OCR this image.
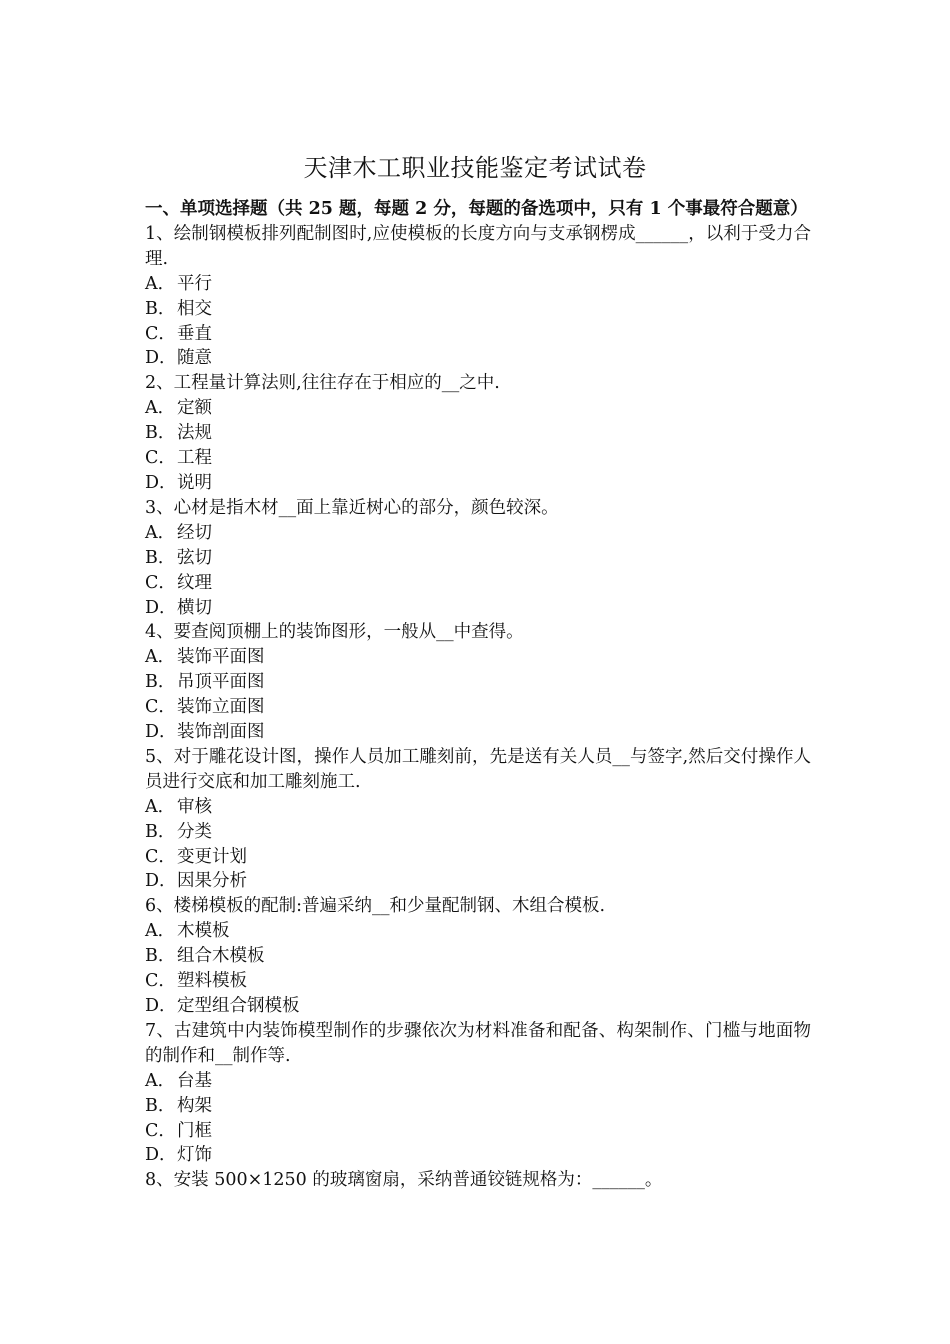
天津木工职业技能鉴定考试试卷
一、单项选择题（共 25 题，每题 2 分，每题的备选项中，只有 1 个事最符合题意）
1、绘制钢模板排列配制图时,应使模板的长度方向与支承钢楞成______，以利于受力合理.
A． 平行
B．相交
C．垂直
D．随意
2、工程量计算法则,往往存在于相应的__之中.
A． 定额
B．法规
C．工程
D．说明
3、心材是指木材__面上靠近树心的部分，颜色较深。
A． 经切
B．弦切
C．纹理
D．横切
4、要查阅顶棚上的装饰图形，一般从__中查得。
A． 装饰平面图
B．吊顶平面图
C．装饰立面图
D．装饰剖面图
5、对于雕花设计图，操作人员加工雕刻前，先是送有关人员__与签字,然后交付操作人员进行交底和加工雕刻施工.
A． 审核
B．分类
C．变更计划
D．因果分析
6、楼梯模板的配制:普遍采纳__和少量配制钢、木组合模板.
A． 木模板
B．组合木模板
C．塑料模板
D．定型组合钢模板
7、古建筑中内装饰模型制作的步骤依次为材料准备和配备、构架制作、门槛与地面物的制作和__制作等.
A． 台基
B．构架
C．门框
D．灯饰
8、安装 500×1250 的玻璃窗扇，采纳普通铰链规格为：______。
